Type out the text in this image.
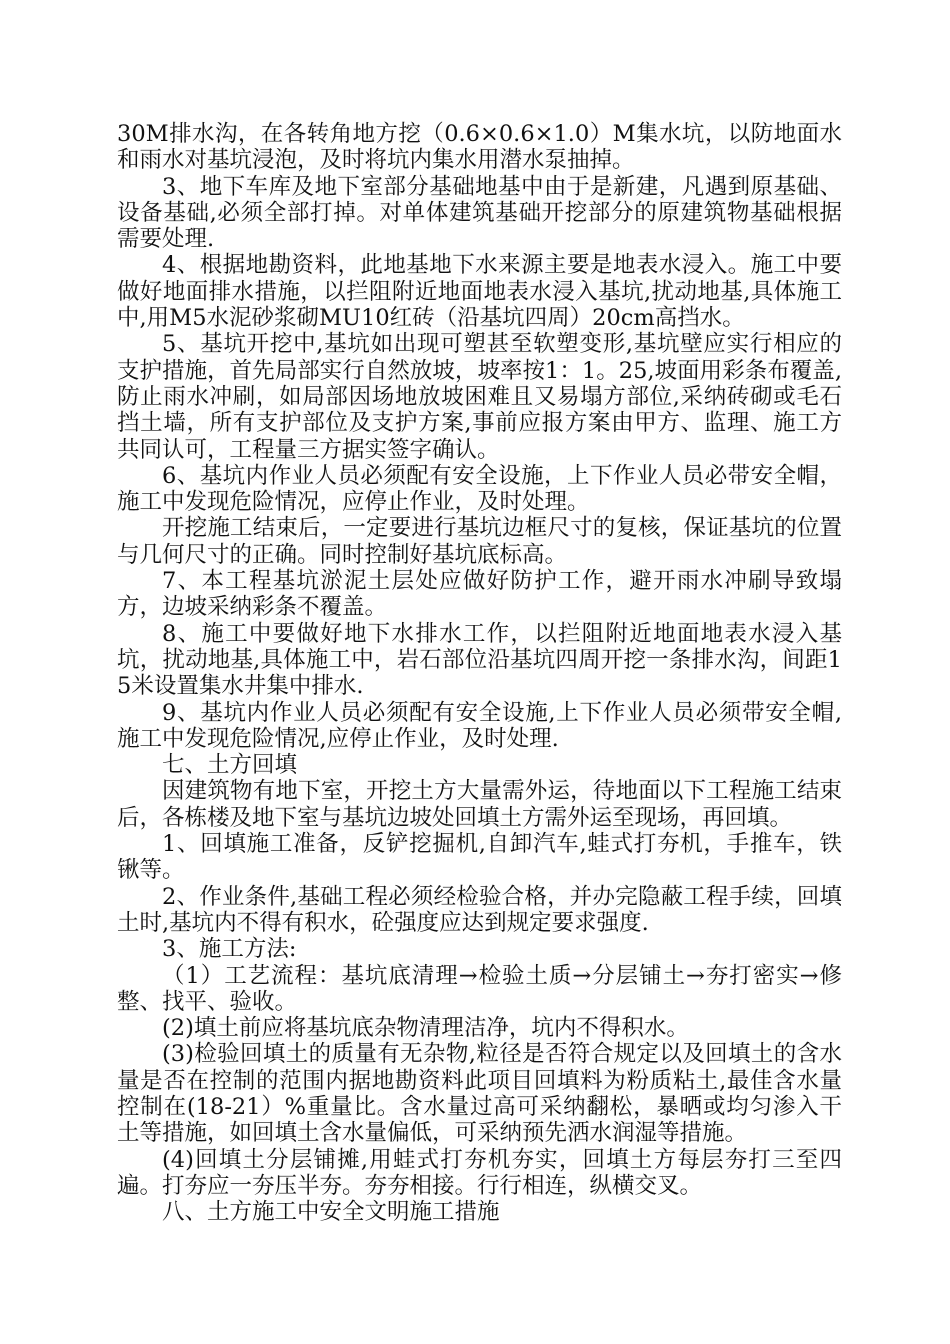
30M排水沟，在各转角地方挖（0.6×0.6×1.0）M集水坑，以防地面水和雨水对基坑浸泡，及时将坑内集水用潜水泵抽掉。

3、地下车库及地下室部分基础地基中由于是新建，凡遇到原基础、设备基础,必须全部打掉。对单体建筑基础开挖部分的原建筑物基础根据需要处理.

4、根据地勘资料，此地基地下水来源主要是地表水浸入。施工中要做好地面排水措施，以拦阻附近地面地表水浸入基坑,扰动地基,具体施工中,用M5水泥砂浆砌MU10红砖（沿基坑四周）20cm高挡水。

5、基坑开挖中,基坑如出现可塑甚至软塑变形,基坑壁应实行相应的支护措施，首先局部实行自然放坡，坡率按1：1。25,坡面用彩条布覆盖,防止雨水冲刷，如局部因场地放坡困难且又易塌方部位,采纳砖砌或毛石挡土墙，所有支护部位及支护方案,事前应报方案由甲方、监理、施工方共同认可，工程量三方据实签字确认。

6、基坑内作业人员必须配有安全设施，上下作业人员必带安全帽，施工中发现危险情况，应停止作业，及时处理。

开挖施工结束后，一定要进行基坑边框尺寸的复核，保证基坑的位置与几何尺寸的正确。同时控制好基坑底标高。

7、本工程基坑淤泥土层处应做好防护工作，避开雨水冲刷导致塌方，边坡采纳彩条不覆盖。

8、施工中要做好地下水排水工作，以拦阻附近地面地表水浸入基坑，扰动地基,具体施工中，岩石部位沿基坑四周开挖一条排水沟，间距15米设置集水井集中排水.

9、基坑内作业人员必须配有安全设施,上下作业人员必须带安全帽,施工中发现危险情况,应停止作业，及时处理.

七、土方回填

因建筑物有地下室，开挖土方大量需外运，待地面以下工程施工结束后，各栋楼及地下室与基坑边坡处回填土方需外运至现场，再回填。

1、回填施工准备，反铲挖掘机,自卸汽车,蛙式打夯机，手推车，铁锹等。

2、作业条件,基础工程必须经检验合格，并办完隐蔽工程手续，回填土时,基坑内不得有积水，砼强度应达到规定要求强度.

3、施工方法:

（1）工艺流程：基坑底清理→检验土质→分层铺土→夯打密实→修整、找平、验收。

(2)填土前应将基坑底杂物清理洁净，坑内不得积水。

(3)检验回填土的质量有无杂物,粒径是否符合规定以及回填土的含水量是否在控制的范围内据地勘资料此项目回填料为粉质粘土,最佳含水量控制在(18-21）%重量比。含水量过高可采纳翻松，暴晒或均匀渗入干土等措施，如回填土含水量偏低，可采纳预先洒水润湿等措施。

(4)回填土分层铺摊,用蛙式打夯机夯实，回填土方每层夯打三至四遍。打夯应一夯压半夯。夯夯相接。行行相连，纵横交叉。

八、土方施工中安全文明施工措施
